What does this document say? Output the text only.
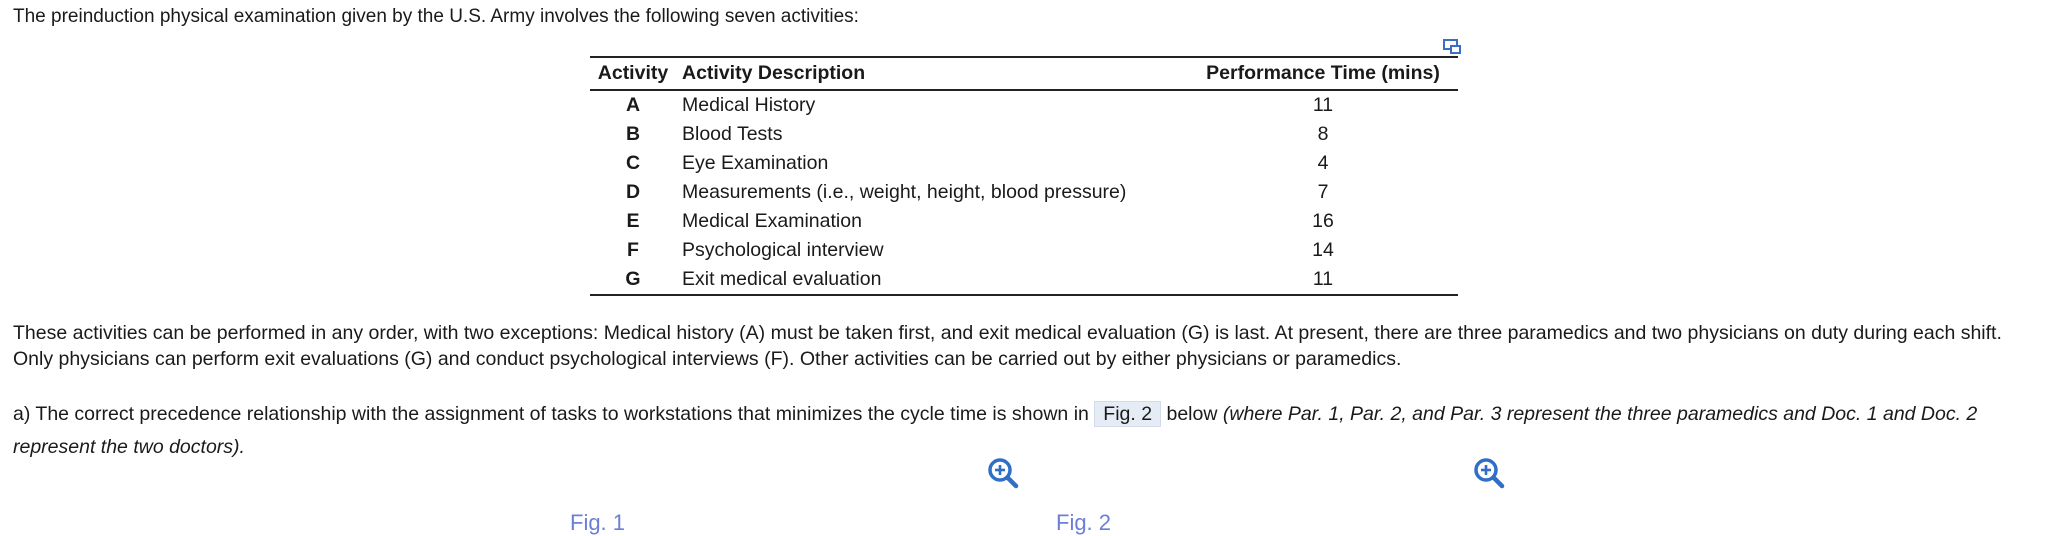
The preinduction physical examination given by the U.S. Army involves the following seven activities:
Activity	Activity Description	Performance Time (mins)
A	Medical History	11
B	Blood Tests	8
C	Eye Examination	4
D	Measurements (i.e., weight, height, blood pressure)	7
E	Medical Examination	16
F	Psychological interview	14
G	Exit medical evaluation	11
These activities can be performed in any order, with two exceptions: Medical history (A) must be taken first, and exit medical evaluation (G) is last. At present, there are three paramedics and two physicians on duty during each shift. Only physicians can perform exit evaluations (G) and conduct psychological interviews (F). Other activities can be carried out by either physicians or paramedics.
a) The correct precedence relationship with the assignment of tasks to workstations that minimizes the cycle time is shown in Fig. 2 below (where Par. 1, Par. 2, and Par. 3 represent the three paramedics and Doc. 1 and Doc. 2 represent the two doctors).
Fig. 1	Fig. 2
